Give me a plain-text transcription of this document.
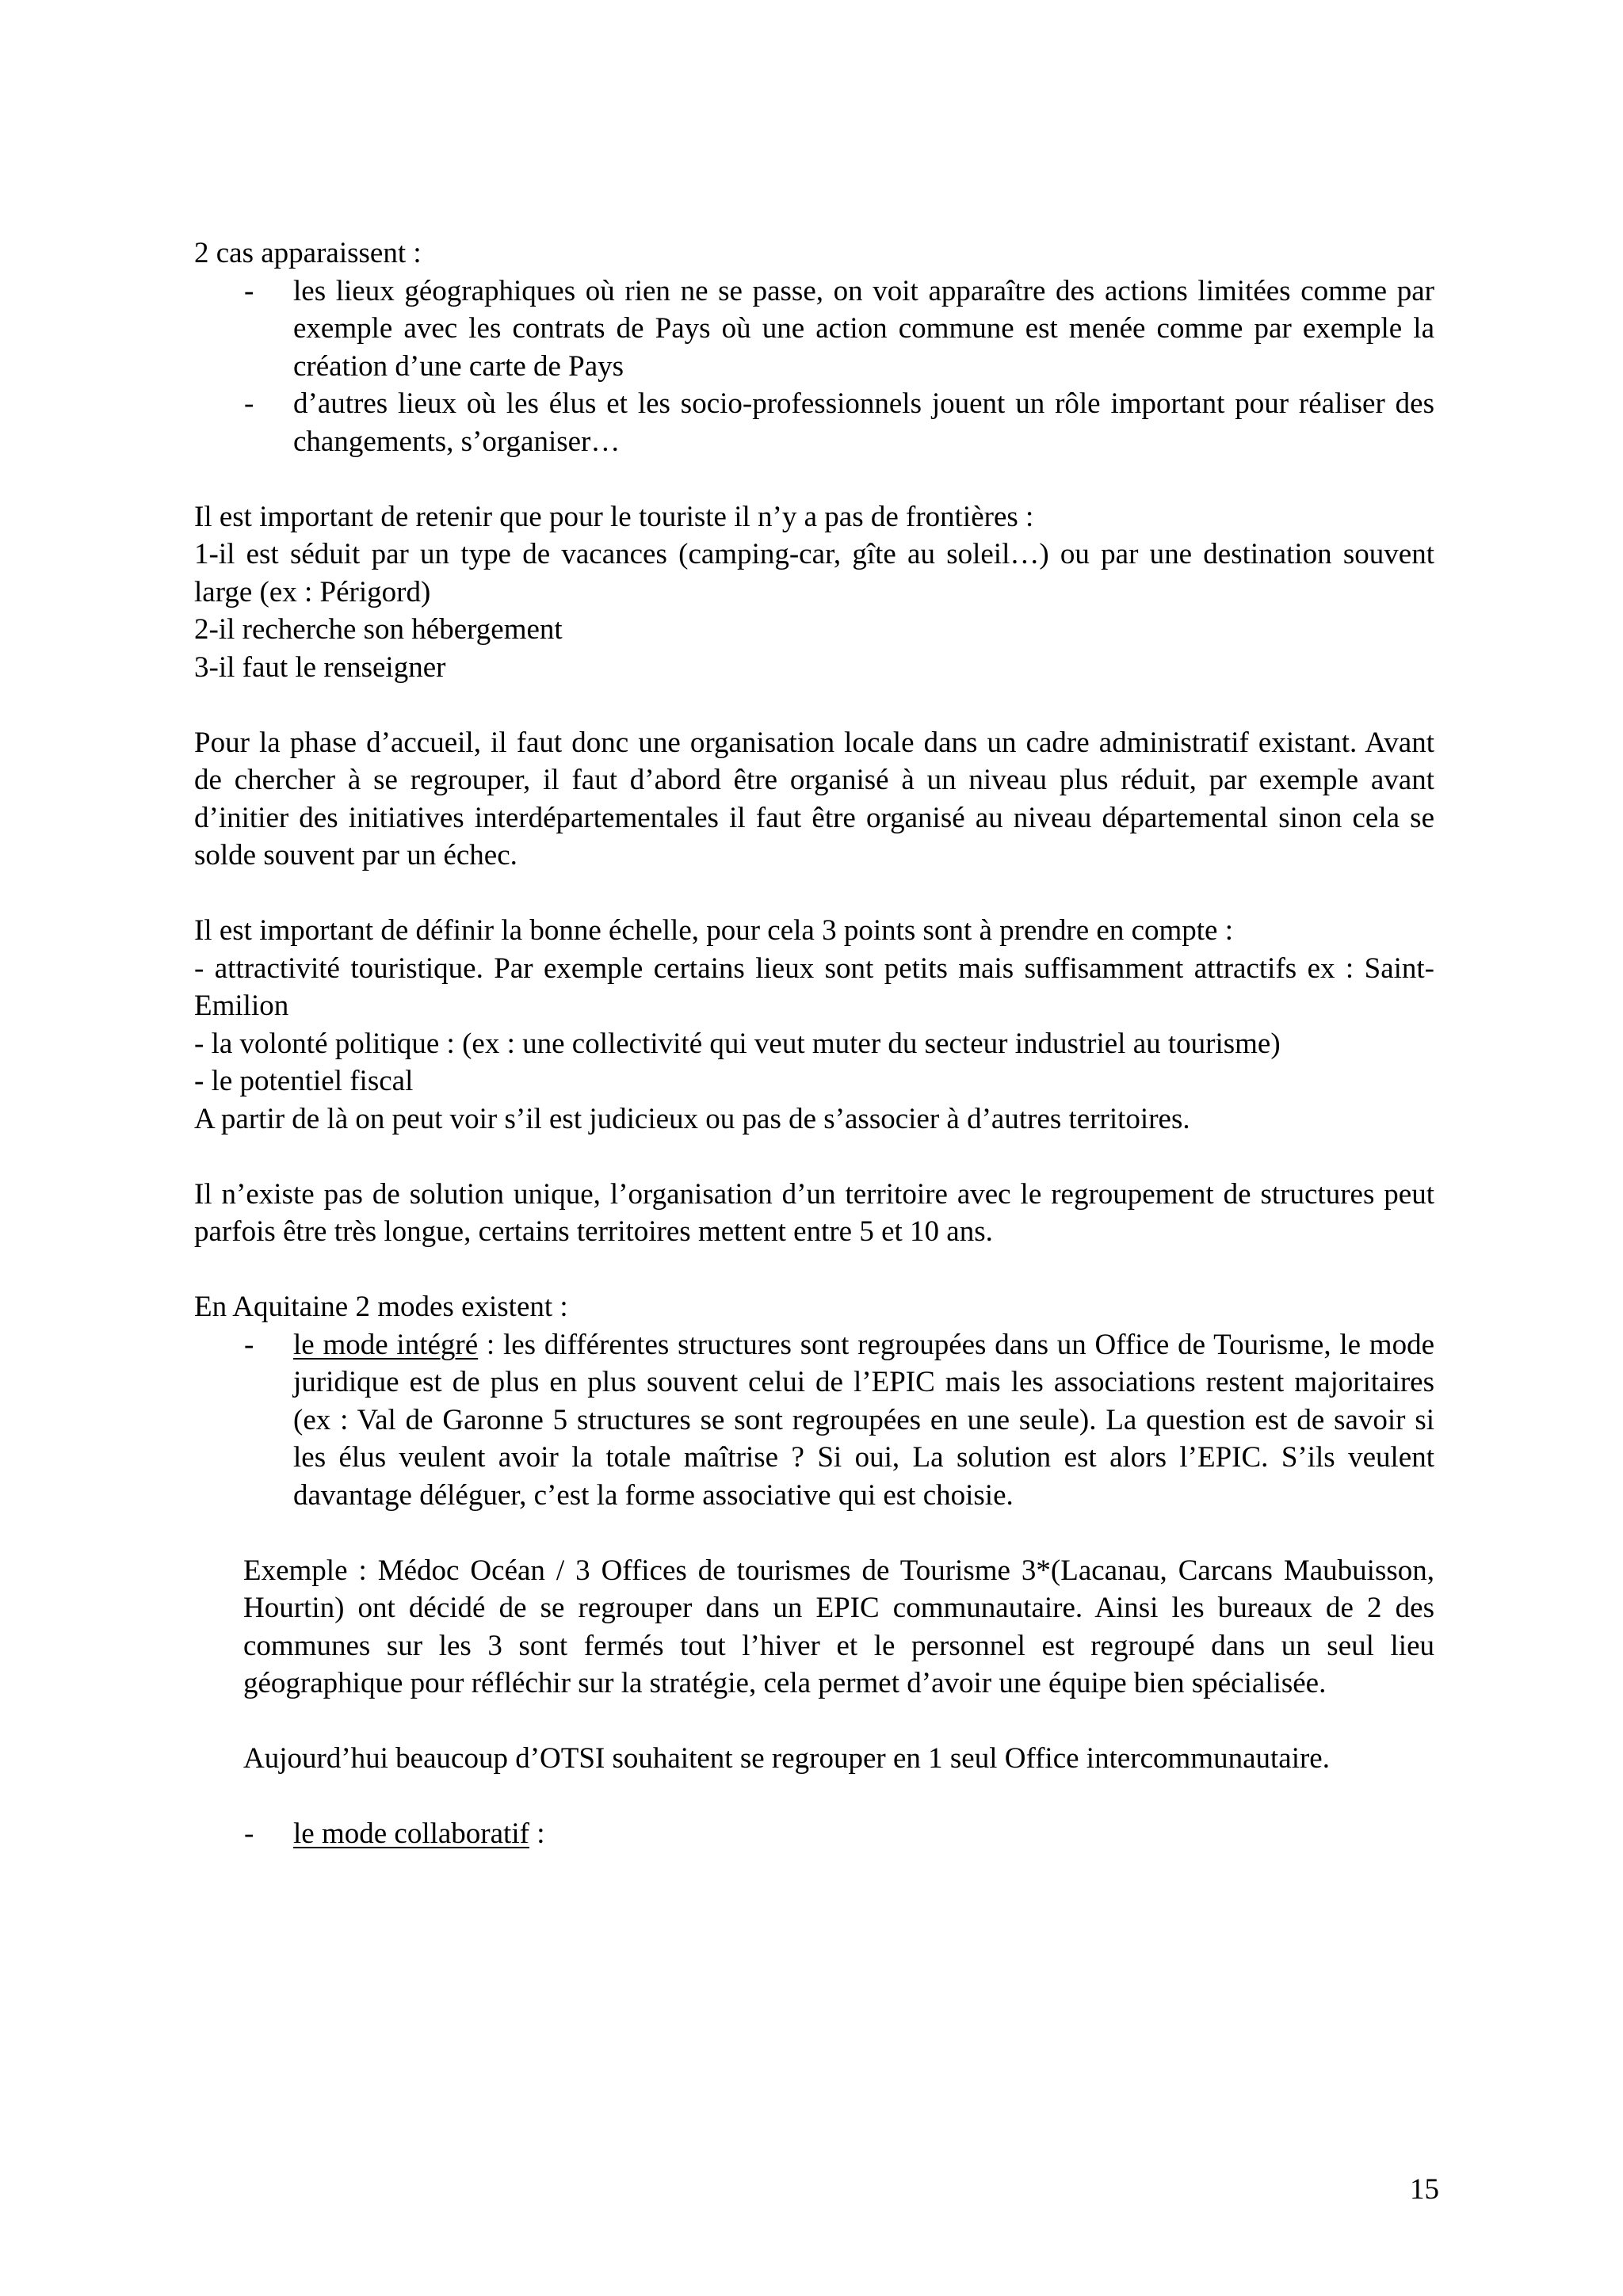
2 cas apparaissent :

- les lieux géographiques où rien ne se passe, on voit apparaître des actions limitées comme par exemple avec les contrats de Pays où une action commune est menée comme par exemple la création d’une carte de Pays
- d’autres lieux où les élus et les socio-professionnels jouent un rôle important pour réaliser des changements, s’organiser…

Il est important de retenir que pour le touriste il n’y a pas de frontières :

1-il est séduit par un type de vacances (camping-car, gîte au soleil…) ou par une destination souvent large (ex : Périgord)

2-il recherche son hébergement

3-il faut le renseigner

Pour la phase d’accueil, il faut donc une organisation locale dans un cadre administratif existant. Avant de chercher à se regrouper, il faut d’abord être organisé à un niveau plus réduit, par exemple avant d’initier des initiatives interdépartementales il faut être organisé au niveau départemental sinon cela se solde souvent par un échec.

Il est important de définir la bonne échelle, pour cela 3 points sont à prendre en compte :

- attractivité touristique. Par exemple certains lieux sont petits mais suffisamment attractifs ex : Saint-Emilion

- la volonté politique : (ex : une collectivité qui veut muter du secteur industriel au tourisme)

- le potentiel fiscal

A partir de là on peut voir s’il est judicieux ou pas de s’associer à d’autres territoires.

Il n’existe pas de solution unique, l’organisation d’un territoire avec le regroupement de structures peut parfois être très longue, certains territoires mettent entre 5 et 10 ans.

En Aquitaine 2 modes existent :

- le mode intégré : les différentes structures sont regroupées dans un Office de Tourisme, le mode juridique est de plus en plus souvent celui de l’EPIC mais les associations restent majoritaires (ex : Val de Garonne 5 structures se sont regroupées en une seule). La question est de savoir si les élus veulent avoir la totale maîtrise ? Si oui, La solution est alors l’EPIC. S’ils veulent davantage déléguer, c’est la forme associative qui est choisie.

Exemple : Médoc Océan / 3 Offices de tourismes de Tourisme 3*(Lacanau, Carcans Maubuisson, Hourtin) ont décidé de se regrouper dans un EPIC communautaire. Ainsi les bureaux de 2 des communes sur les 3 sont fermés tout l’hiver et le personnel est regroupé dans un seul lieu géographique pour réfléchir sur la stratégie, cela permet d’avoir une équipe bien spécialisée.

Aujourd’hui beaucoup d’OTSI souhaitent se regrouper en 1 seul Office intercommunautaire.

- le mode collaboratif :
15
